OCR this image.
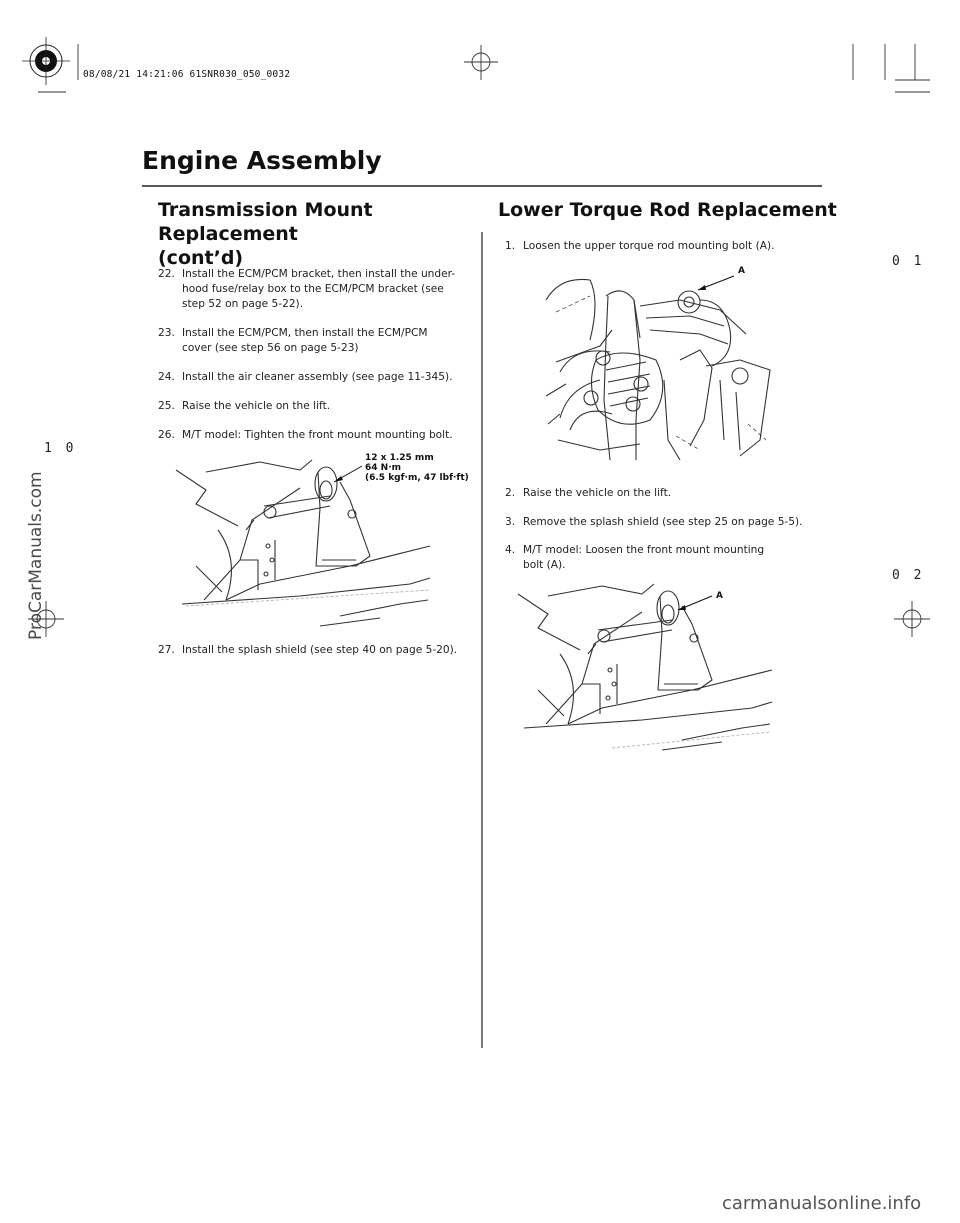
08/08/21 14:21:06 61SNR030_050_0032
Engine Assembly
Transmission Mount Replacement
(cont’d)
22. Install the ECM/PCM bracket, then install the under-
hood fuse/relay box to the ECM/PCM bracket (see
step 52 on page 5-22).
23. Install the ECM/PCM, then install the ECM/PCM
cover (see step 56 on page 5-23)
24. Install the air cleaner assembly (see page 11-345).
25. Raise the vehicle on the lift.
26. M/T model: Tighten the front mount mounting bolt.
12 x 1.25 mm
64 N·m
(6.5 kgf·m, 47 lbf·ft)
27. Install the splash shield (see step 40 on page 5-20).
Lower Torque Rod Replacement
1. Loosen the upper torque rod mounting bolt (A).
A
2. Raise the vehicle on the lift.
3. Remove the splash shield (see step 25 on page 5-5).
4. M/T model: Loosen the front mount mounting
bolt (A).
A
0 1
0 2
1 0
ProCarManuals.com
carmanualsonline.info
